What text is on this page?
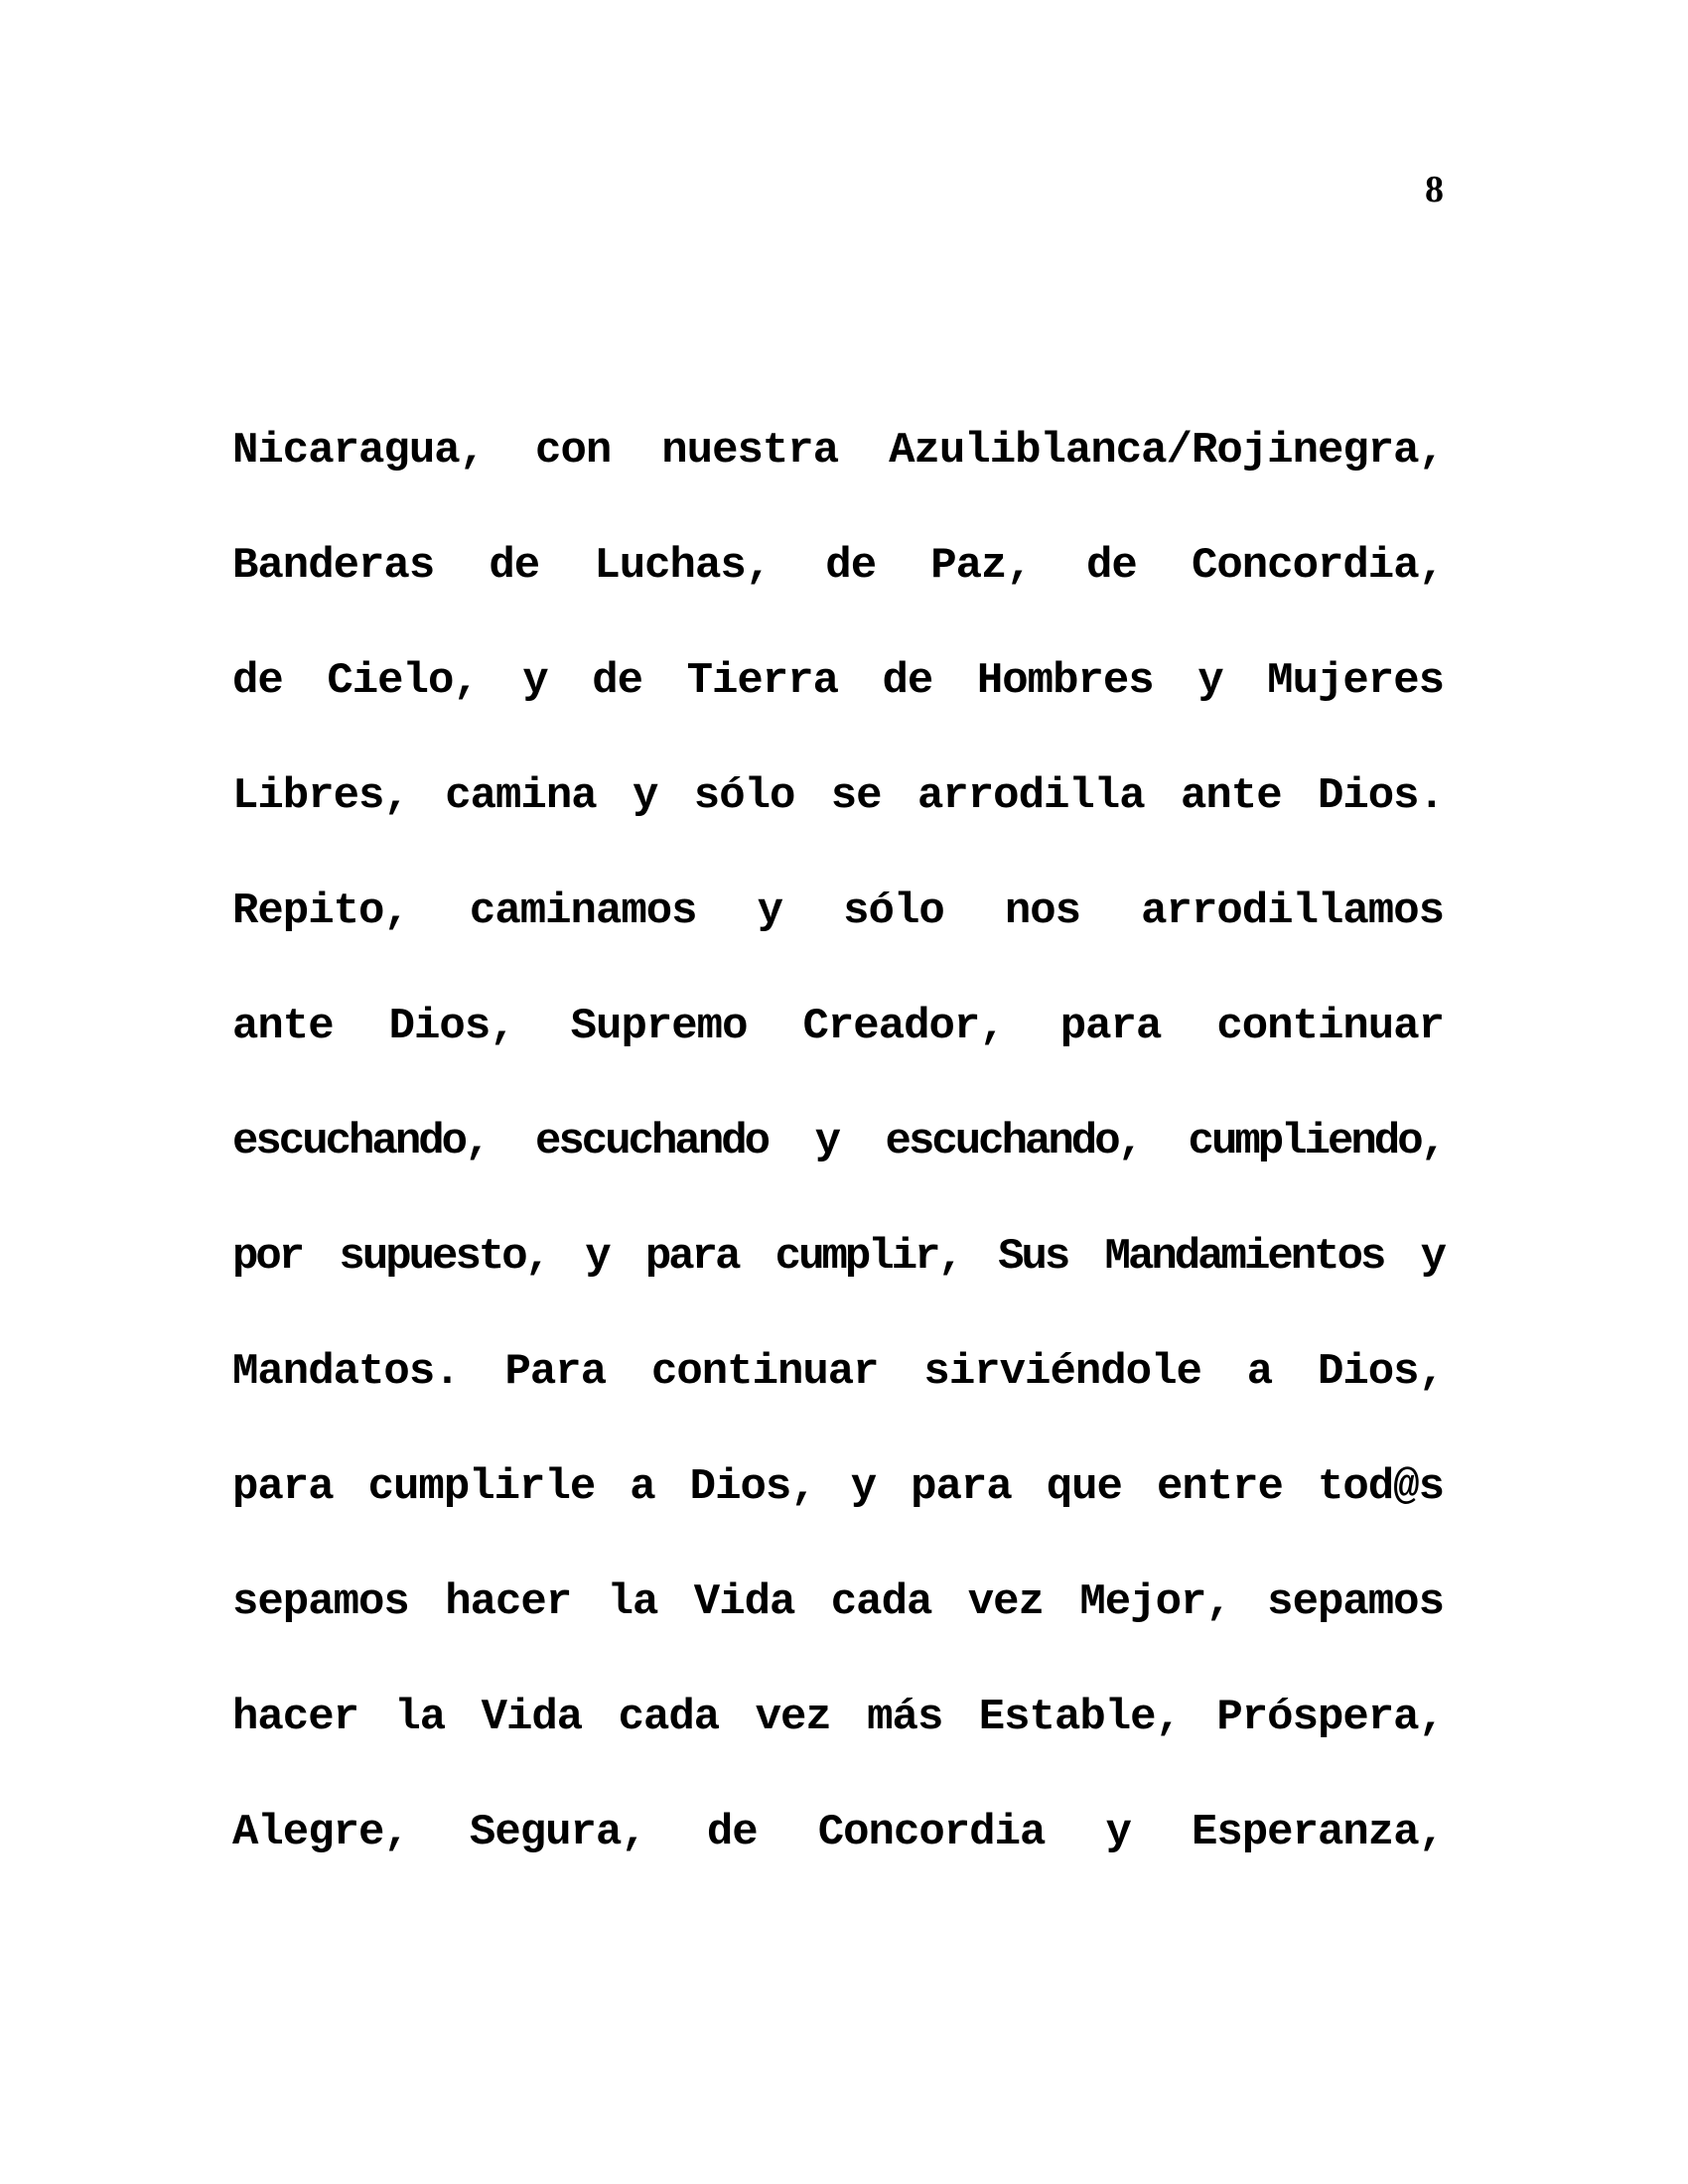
8
Nicaragua, con nuestra Azuliblanca/Rojinegra,
Banderas de Luchas, de Paz, de Concordia,
de Cielo, y de Tierra de Hombres y Mujeres
Libres, camina y sólo se arrodilla ante Dios.
Repito, caminamos y sólo nos arrodillamos
ante Dios, Supremo Creador, para continuar
escuchando, escuchando y escuchando, cumpliendo,
por supuesto, y para cumplir, Sus Mandamientos y
Mandatos. Para continuar sirviéndole a Dios,
para cumplirle a Dios, y para que entre tod@s
sepamos hacer la Vida cada vez Mejor, sepamos
hacer la Vida cada vez más Estable, Próspera,
Alegre, Segura, de Concordia y Esperanza,
